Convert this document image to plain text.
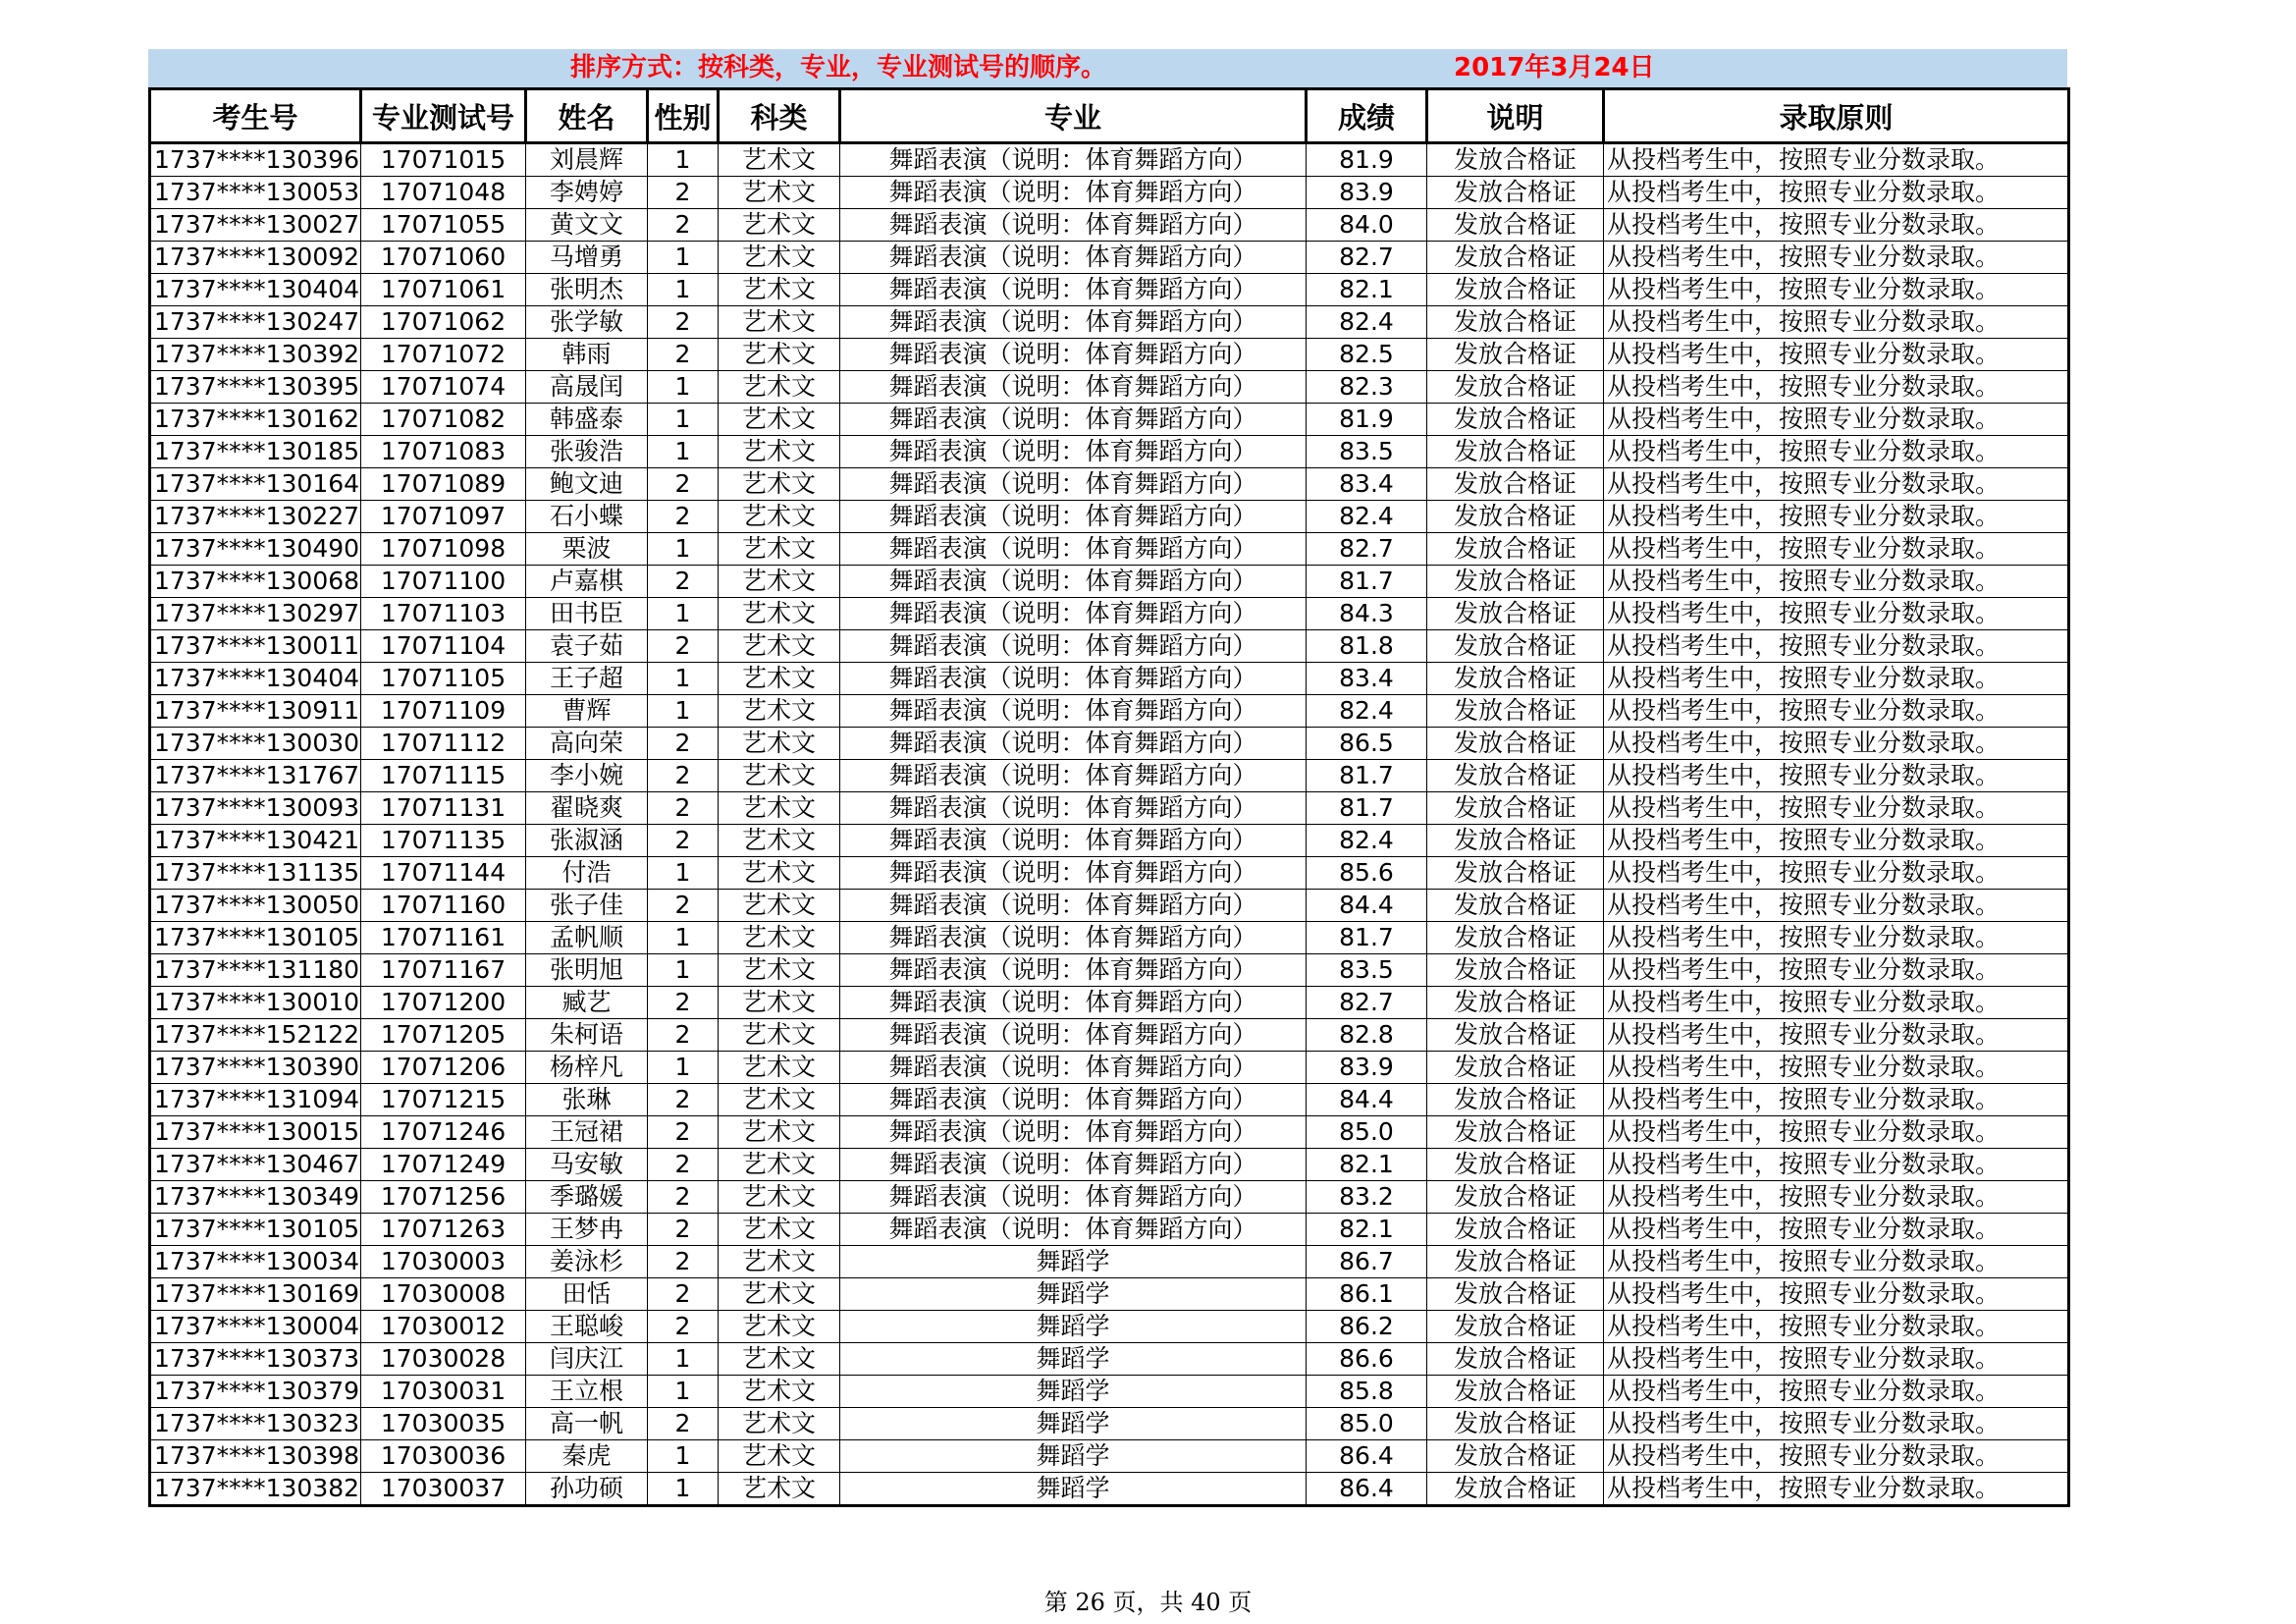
排序方式：按科类，专业，专业测试号的顺序。	2017年3月24日
考生号	专业测试号	姓名	性别	科类	专业	成绩	说明	录取原则
1737****130396	17071015	刘晨辉	1	艺术文	舞蹈表演（说明：体育舞蹈方向）	81.9	发放合格证	从投档考生中，按照专业分数录取。
1737****130053	17071048	李娉婷	2	艺术文	舞蹈表演（说明：体育舞蹈方向）	83.9	发放合格证	从投档考生中，按照专业分数录取。
1737****130027	17071055	黄文文	2	艺术文	舞蹈表演（说明：体育舞蹈方向）	84.0	发放合格证	从投档考生中，按照专业分数录取。
1737****130092	17071060	马增勇	1	艺术文	舞蹈表演（说明：体育舞蹈方向）	82.7	发放合格证	从投档考生中，按照专业分数录取。
1737****130404	17071061	张明杰	1	艺术文	舞蹈表演（说明：体育舞蹈方向）	82.1	发放合格证	从投档考生中，按照专业分数录取。
1737****130247	17071062	张学敏	2	艺术文	舞蹈表演（说明：体育舞蹈方向）	82.4	发放合格证	从投档考生中，按照专业分数录取。
1737****130392	17071072	韩雨	2	艺术文	舞蹈表演（说明：体育舞蹈方向）	82.5	发放合格证	从投档考生中，按照专业分数录取。
1737****130395	17071074	高晟闰	1	艺术文	舞蹈表演（说明：体育舞蹈方向）	82.3	发放合格证	从投档考生中，按照专业分数录取。
1737****130162	17071082	韩盛泰	1	艺术文	舞蹈表演（说明：体育舞蹈方向）	81.9	发放合格证	从投档考生中，按照专业分数录取。
1737****130185	17071083	张骏浩	1	艺术文	舞蹈表演（说明：体育舞蹈方向）	83.5	发放合格证	从投档考生中，按照专业分数录取。
1737****130164	17071089	鲍文迪	2	艺术文	舞蹈表演（说明：体育舞蹈方向）	83.4	发放合格证	从投档考生中，按照专业分数录取。
1737****130227	17071097	石小蝶	2	艺术文	舞蹈表演（说明：体育舞蹈方向）	82.4	发放合格证	从投档考生中，按照专业分数录取。
1737****130490	17071098	栗波	1	艺术文	舞蹈表演（说明：体育舞蹈方向）	82.7	发放合格证	从投档考生中，按照专业分数录取。
1737****130068	17071100	卢嘉棋	2	艺术文	舞蹈表演（说明：体育舞蹈方向）	81.7	发放合格证	从投档考生中，按照专业分数录取。
1737****130297	17071103	田书臣	1	艺术文	舞蹈表演（说明：体育舞蹈方向）	84.3	发放合格证	从投档考生中，按照专业分数录取。
1737****130011	17071104	袁子茹	2	艺术文	舞蹈表演（说明：体育舞蹈方向）	81.8	发放合格证	从投档考生中，按照专业分数录取。
1737****130404	17071105	王子超	1	艺术文	舞蹈表演（说明：体育舞蹈方向）	83.4	发放合格证	从投档考生中，按照专业分数录取。
1737****130911	17071109	曹辉	1	艺术文	舞蹈表演（说明：体育舞蹈方向）	82.4	发放合格证	从投档考生中，按照专业分数录取。
1737****130030	17071112	高向荣	2	艺术文	舞蹈表演（说明：体育舞蹈方向）	86.5	发放合格证	从投档考生中，按照专业分数录取。
1737****131767	17071115	李小婉	2	艺术文	舞蹈表演（说明：体育舞蹈方向）	81.7	发放合格证	从投档考生中，按照专业分数录取。
1737****130093	17071131	翟晓爽	2	艺术文	舞蹈表演（说明：体育舞蹈方向）	81.7	发放合格证	从投档考生中，按照专业分数录取。
1737****130421	17071135	张淑涵	2	艺术文	舞蹈表演（说明：体育舞蹈方向）	82.4	发放合格证	从投档考生中，按照专业分数录取。
1737****131135	17071144	付浩	1	艺术文	舞蹈表演（说明：体育舞蹈方向）	85.6	发放合格证	从投档考生中，按照专业分数录取。
1737****130050	17071160	张子佳	2	艺术文	舞蹈表演（说明：体育舞蹈方向）	84.4	发放合格证	从投档考生中，按照专业分数录取。
1737****130105	17071161	孟帆顺	1	艺术文	舞蹈表演（说明：体育舞蹈方向）	81.7	发放合格证	从投档考生中，按照专业分数录取。
1737****131180	17071167	张明旭	1	艺术文	舞蹈表演（说明：体育舞蹈方向）	83.5	发放合格证	从投档考生中，按照专业分数录取。
1737****130010	17071200	臧艺	2	艺术文	舞蹈表演（说明：体育舞蹈方向）	82.7	发放合格证	从投档考生中，按照专业分数录取。
1737****152122	17071205	朱柯语	2	艺术文	舞蹈表演（说明：体育舞蹈方向）	82.8	发放合格证	从投档考生中，按照专业分数录取。
1737****130390	17071206	杨梓凡	1	艺术文	舞蹈表演（说明：体育舞蹈方向）	83.9	发放合格证	从投档考生中，按照专业分数录取。
1737****131094	17071215	张琳	2	艺术文	舞蹈表演（说明：体育舞蹈方向）	84.4	发放合格证	从投档考生中，按照专业分数录取。
1737****130015	17071246	王冠裙	2	艺术文	舞蹈表演（说明：体育舞蹈方向）	85.0	发放合格证	从投档考生中，按照专业分数录取。
1737****130467	17071249	马安敏	2	艺术文	舞蹈表演（说明：体育舞蹈方向）	82.1	发放合格证	从投档考生中，按照专业分数录取。
1737****130349	17071256	季璐媛	2	艺术文	舞蹈表演（说明：体育舞蹈方向）	83.2	发放合格证	从投档考生中，按照专业分数录取。
1737****130105	17071263	王梦冉	2	艺术文	舞蹈表演（说明：体育舞蹈方向）	82.1	发放合格证	从投档考生中，按照专业分数录取。
1737****130034	17030003	姜泳杉	2	艺术文	舞蹈学	86.7	发放合格证	从投档考生中，按照专业分数录取。
1737****130169	17030008	田恬	2	艺术文	舞蹈学	86.1	发放合格证	从投档考生中，按照专业分数录取。
1737****130004	17030012	王聪峻	2	艺术文	舞蹈学	86.2	发放合格证	从投档考生中，按照专业分数录取。
1737****130373	17030028	闫庆江	1	艺术文	舞蹈学	86.6	发放合格证	从投档考生中，按照专业分数录取。
1737****130379	17030031	王立根	1	艺术文	舞蹈学	85.8	发放合格证	从投档考生中，按照专业分数录取。
1737****130323	17030035	高一帆	2	艺术文	舞蹈学	85.0	发放合格证	从投档考生中，按照专业分数录取。
1737****130398	17030036	秦虎	1	艺术文	舞蹈学	86.4	发放合格证	从投档考生中，按照专业分数录取。
1737****130382	17030037	孙功硕	1	艺术文	舞蹈学	86.4	发放合格证	从投档考生中，按照专业分数录取。
第 26 页，共 40 页
